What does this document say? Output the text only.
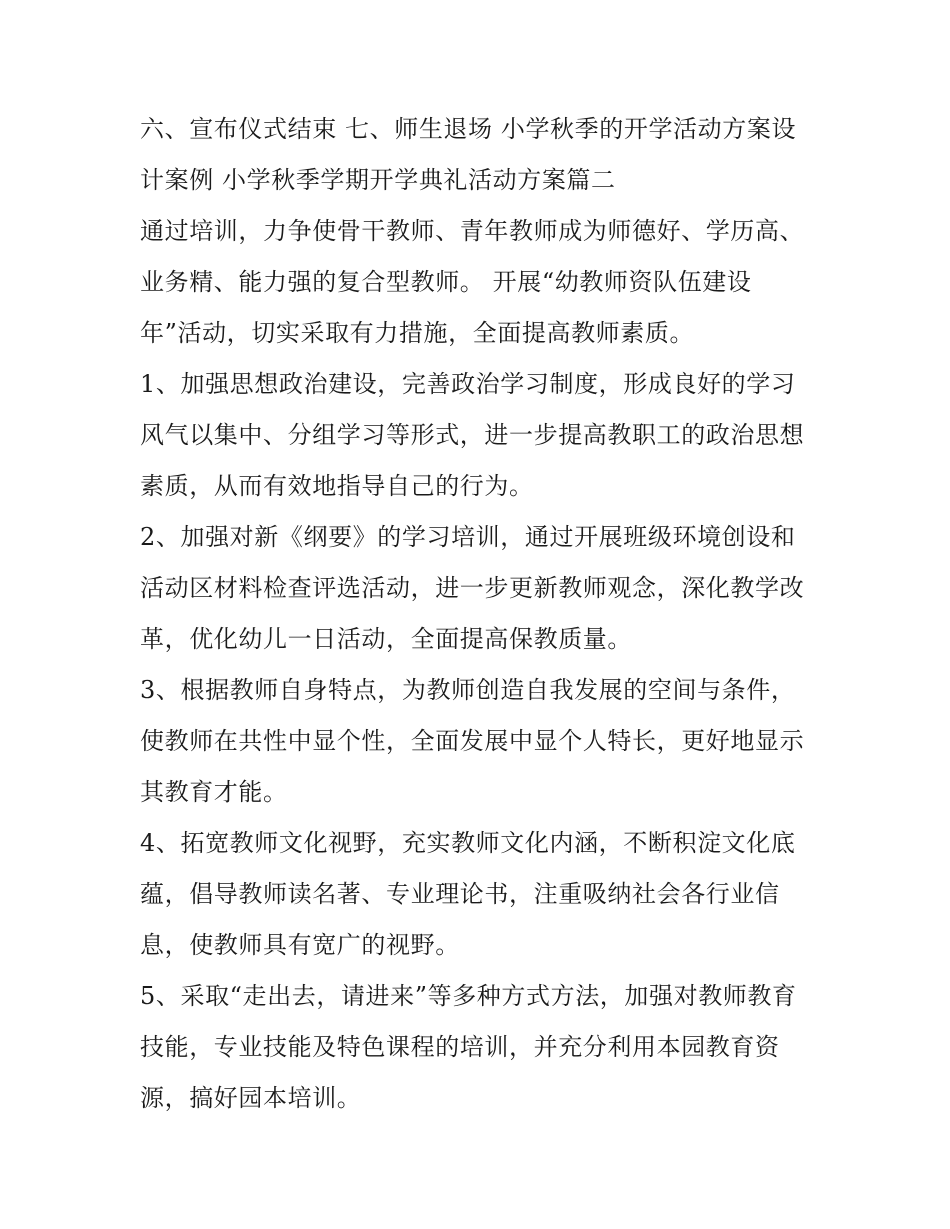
六、宣布仪式结束 七、师生退场 小学秋季的开学活动方案设
计案例 小学秋季学期开学典礼活动方案篇二
通过培训，力争使骨干教师、青年教师成为师德好、学历高、
业务精、能力强的复合型教师。 开展“幼教师资队伍建设
年”活动，切实采取有力措施，全面提高教师素质。
1、加强思想政治建设，完善政治学习制度，形成良好的学习
风气以集中、分组学习等形式，进一步提高教职工的政治思想
素质，从而有效地指导自己的行为。
2、加强对新《纲要》的学习培训，通过开展班级环境创设和
活动区材料检查评选活动，进一步更新教师观念，深化教学改
革，优化幼儿一日活动，全面提高保教质量。
3、根据教师自身特点，为教师创造自我发展的空间与条件，
使教师在共性中显个性，全面发展中显个人特长，更好地显示
其教育才能。
4、拓宽教师文化视野，充实教师文化内涵，不断积淀文化底
蕴，倡导教师读名著、专业理论书，注重吸纳社会各行业信
息，使教师具有宽广的视野。
5、采取“走出去，请进来”等多种方式方法，加强对教师教育
技能，专业技能及特色课程的培训，并充分利用本园教育资
源，搞好园本培训。
